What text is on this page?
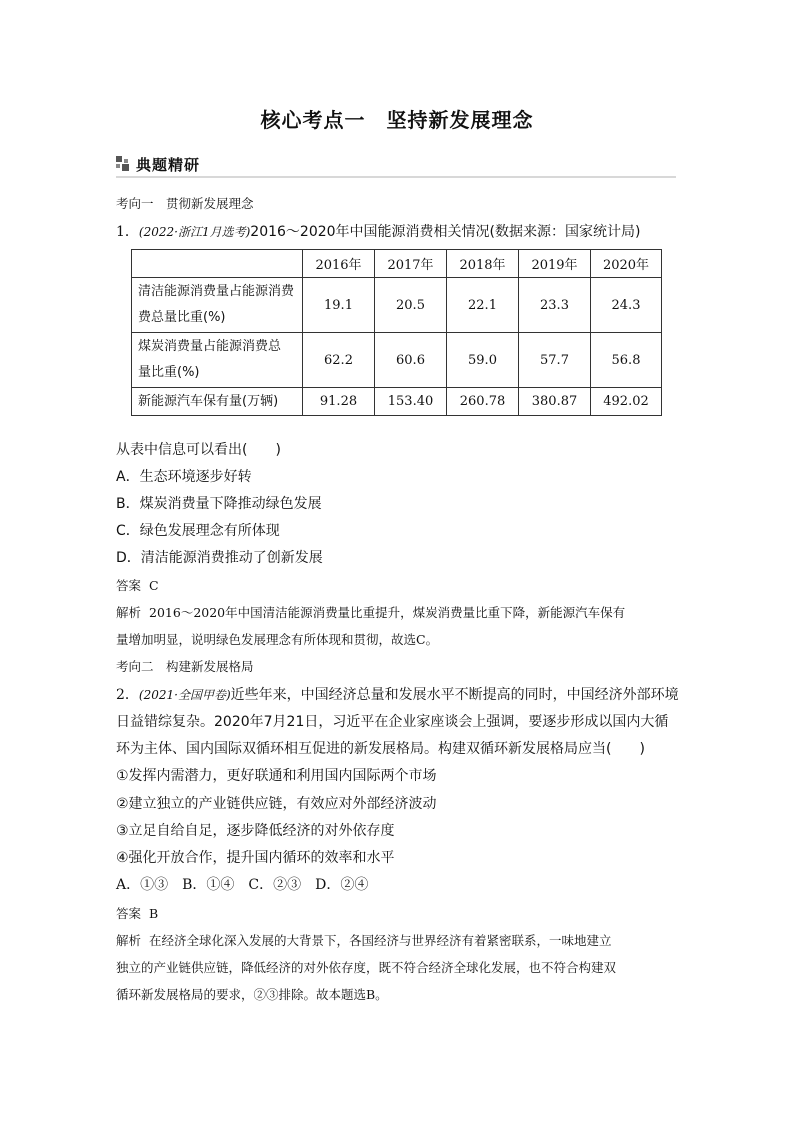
核心考点一　坚持新发展理念
典题精研
考向一　贯彻新发展理念
1．(2022·浙江1月选考)2016～2020年中国能源消费相关情况(数据来源：国家统计局)
	2016年	2017年	2018年	2019年	2020年
清洁能源消费量占能源消费
费总量比重(%)	19.1	20.5	22.1	23.3	24.3
煤炭消费量占能源消费总
量比重(%)	62.2	60.6	59.0	57.7	56.8
新能源汽车保有量(万辆)	91.28	153.40	260.78	380.87	492.02
从表中信息可以看出(　　)
A．生态环境逐步好转
B．煤炭消费量下降推动绿色发展
C．绿色发展理念有所体现
D．清洁能源消费推动了创新发展
答案 C
解析 2016～2020年中国清洁能源消费量比重提升，煤炭消费量比重下降，新能源汽车保有
量增加明显，说明绿色发展理念有所体现和贯彻，故选C。
考向二　构建新发展格局
2．(2021·全国甲卷)近些年来，中国经济总量和发展水平不断提高的同时，中国经济外部环境
日益错综复杂。2020年7月21日，习近平在企业家座谈会上强调，要逐步形成以国内大循
环为主体、国内国际双循环相互促进的新发展格局。构建双循环新发展格局应当(　　)
①发挥内需潜力，更好联通和利用国内国际两个市场
②建立独立的产业链供应链，有效应对外部经济波动
③立足自给自足，逐步降低经济的对外依存度
④强化开放合作，提升国内循环的效率和水平
A．①③　B．①④　C．②③　D．②④
答案 B
解析 在经济全球化深入发展的大背景下，各国经济与世界经济有着紧密联系，一味地建立
独立的产业链供应链，降低经济的对外依存度，既不符合经济全球化发展，也不符合构建双
循环新发展格局的要求，②③排除。故本题选B。
